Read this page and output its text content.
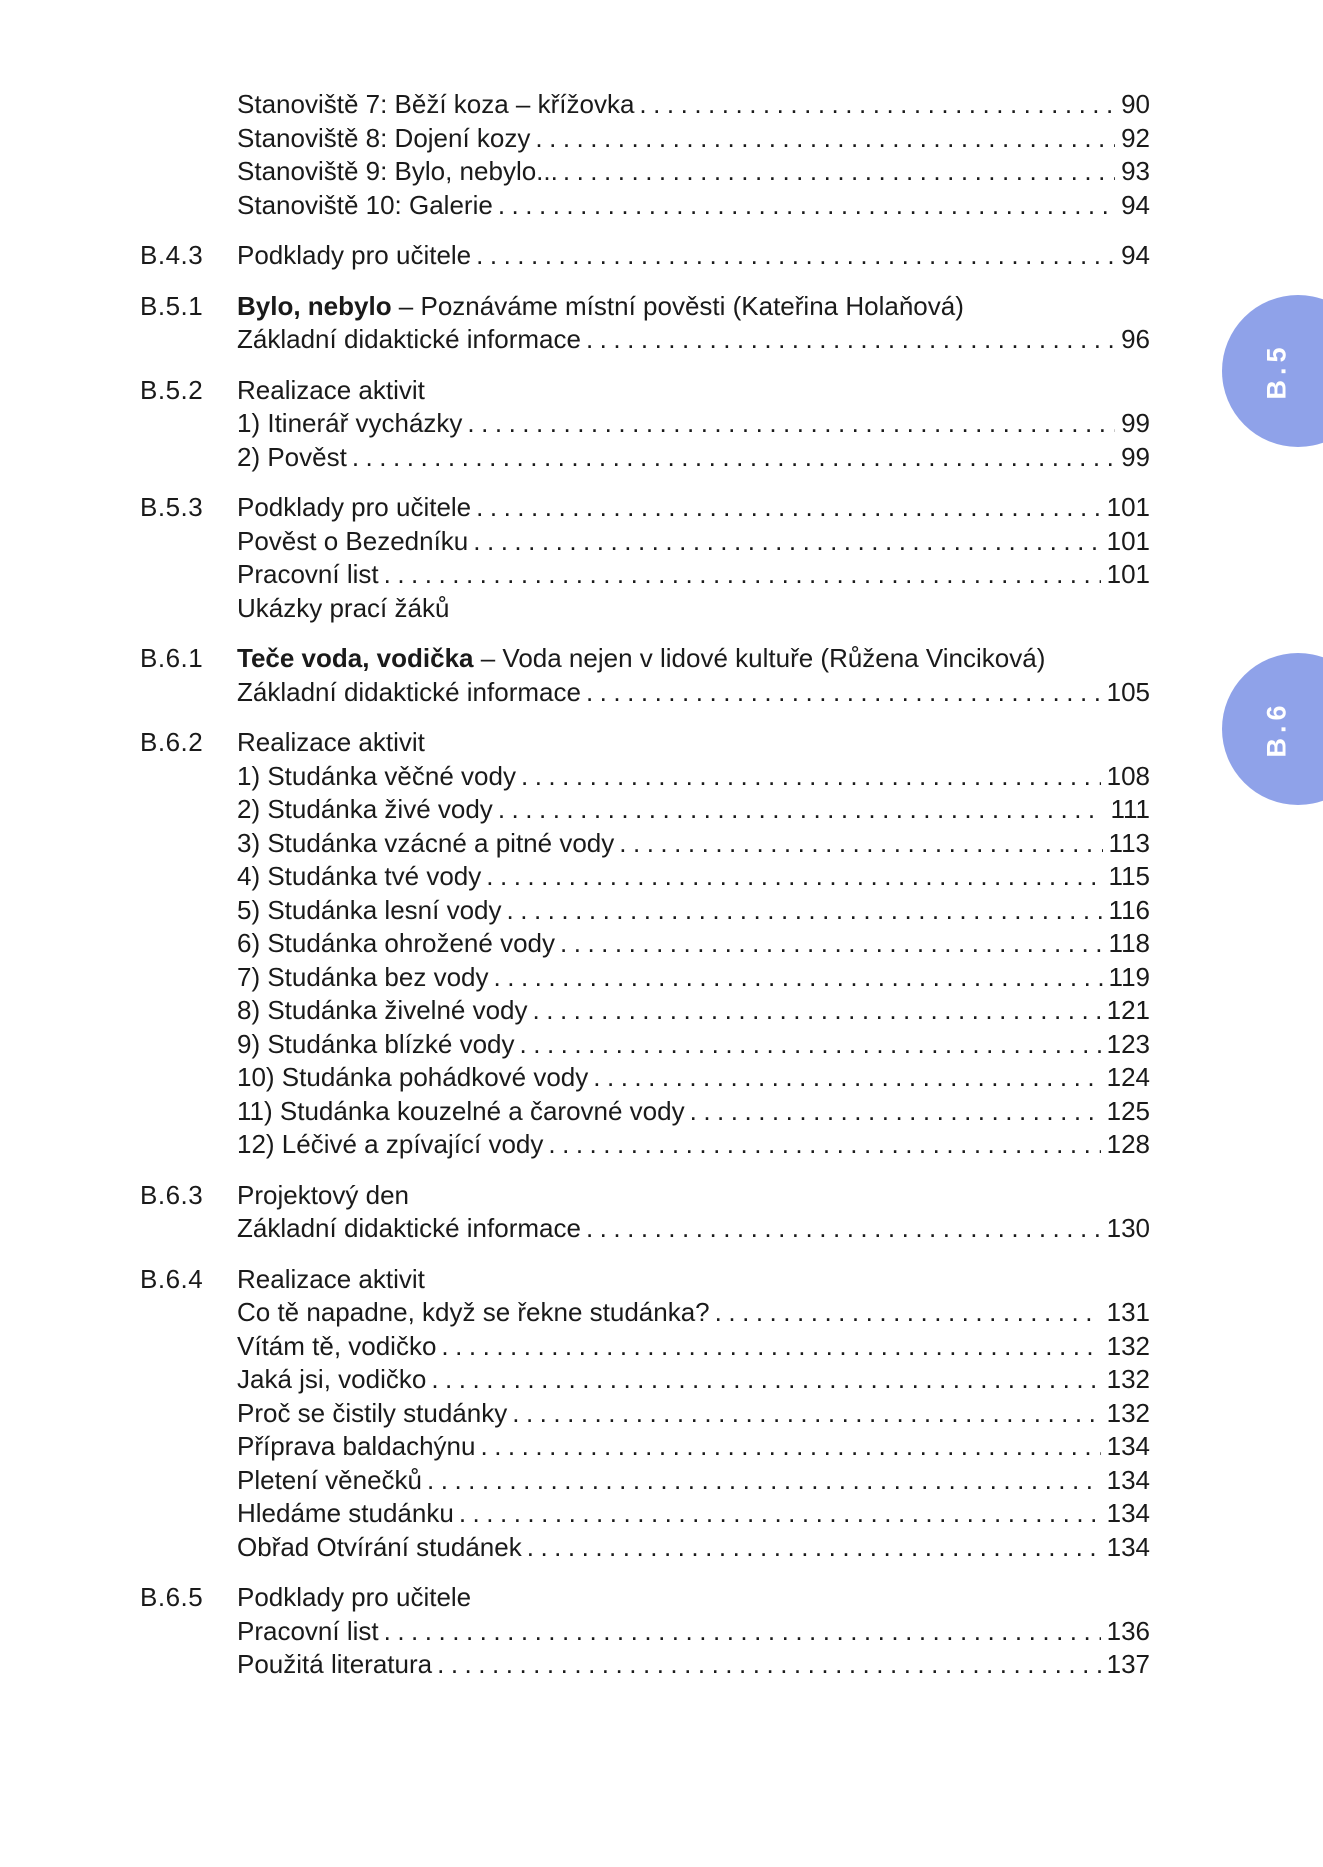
Stanoviště 7: Běží koza – křížovka .....	90
Stanoviště 8: Dojení kozy .....	92
Stanoviště 9: Bylo, nebylo... .....	93
Stanoviště 10: Galerie .....	94
B.4.3	Podklady pro učitele .....	94
B.5.1	Bylo, nebylo – Poznáváme místní pověsti (Kateřina Holaňová)
Základní didaktické informace .....	96
B.5.2	Realizace aktivit
1) Itinerář vycházky .....	99
2) Pověst .....	99
B.5.3	Podklady pro učitele .....	101
Pověst o Bezedníku .....	101
Pracovní list .....	101
Ukázky prací žáků
B.6.1	Teče voda, vodička – Voda nejen v lidové kultuře (Růžena Vinciková)
Základní didaktické informace .....	105
B.6.2	Realizace aktivit
1) Studánka věčné vody .....	108
2) Studánka živé vody .....	111
3) Studánka vzácné a pitné vody .....	113
4) Studánka tvé vody .....	115
5) Studánka lesní vody .....	116
6) Studánka ohrožené vody .....	118
7) Studánka bez vody .....	119
8) Studánka živelné vody .....	121
9) Studánka blízké vody .....	123
10) Studánka pohádkové vody .....	124
11) Studánka kouzelné a čarovné vody .....	125
12) Léčivé a zpívající vody .....	128
B.6.3	Projektový den
Základní didaktické informace .....	130
B.6.4	Realizace aktivit
Co tě napadne, když se řekne studánka? .....	131
Vítám tě, vodičko .....	132
Jaká jsi, vodičko .....	132
Proč se čistily studánky .....	132
Příprava baldachýnu .....	134
Pletení věnečků .....	134
Hledáme studánku .....	134
Obřad Otvírání studánek .....	134
B.6.5	Podklady pro učitele
Pracovní list .....	136
Použitá literatura .....	137
B.5
B.6
